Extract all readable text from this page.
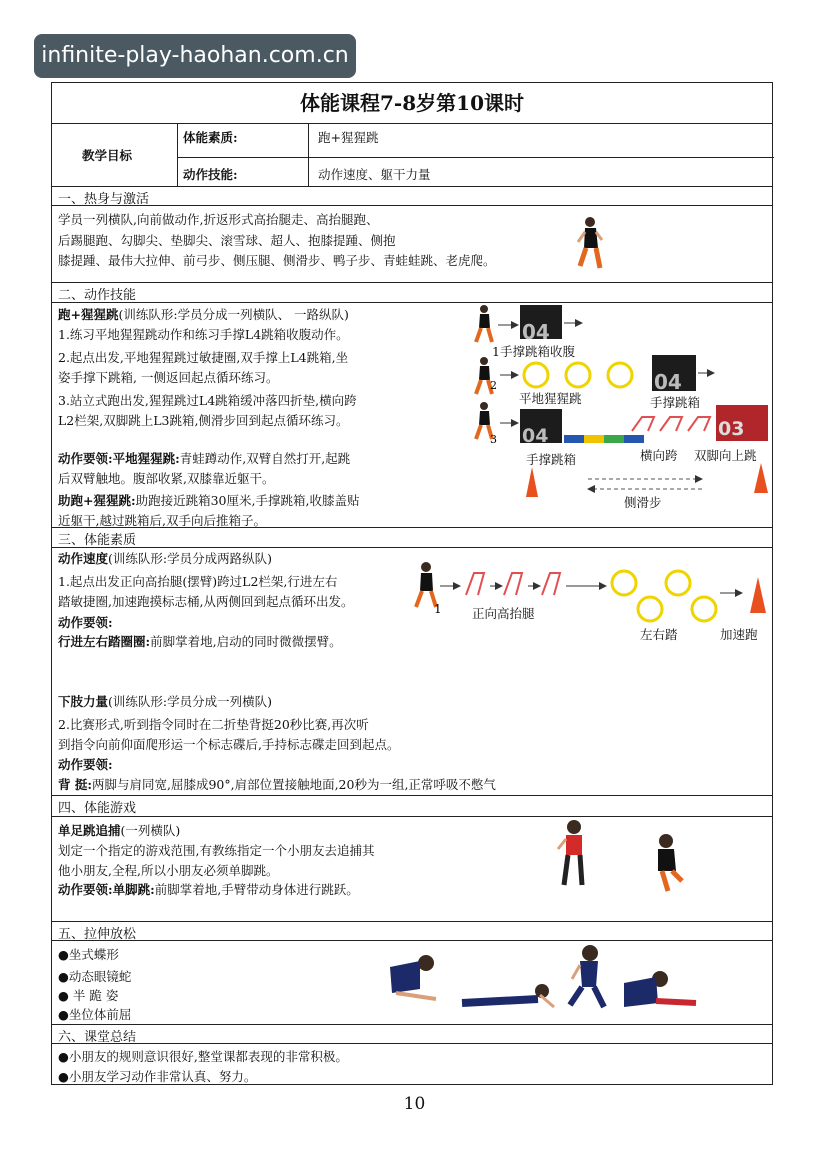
infinite-play-haohan.com.cn
体能课程7-8岁第10课时
教学目标
体能素质:	跑+猩猩跳
动作技能:	动作速度、躯干力量
一、热身与激活
学员一列横队,向前做动作,折返形式高抬腿走、高抬腿跑、
后踢腿跑、勾脚尖、垫脚尖、滚雪球、超人、抱膝提踵、侧抱
膝提踵、最伟大拉伸、前弓步、侧压腿、侧滑步、鸭子步、青蛙蛙跳、老虎爬。
二、动作技能
跑+猩猩跳(训练队形:学员分成一列横队、 一路纵队)
1.练习平地猩猩跳动作和练习手撑L4跳箱收腹动作。
2.起点出发,平地猩猩跳过敏捷圈,双手撑上L4跳箱,坐
姿手撑下跳箱, 一侧返回起点循环练习。
3.站立式跑出发,猩猩跳过L4跳箱缓冲落四折垫,横向跨
L2栏架,双脚跳上L3跳箱,侧滑步回到起点循环练习。
动作要领:平地猩猩跳:青蛙蹲动作,双臂自然打开,起跳
后双臂触地。腹部收紧,双膝靠近躯干。
助跑+猩猩跳:助跑接近跳箱30厘米,手撑跳箱,收膝盖贴
近躯干,越过跳箱后,双手向后推箱子。
1手撑跳箱收腹
平地猩猩跳	手撑跳箱
手撑跳箱	横向跨 双脚向上跳
侧滑步
三、体能素质
动作速度(训练队形:学员分成两路纵队)
1.起点出发正向高抬腿(摆臂)跨过L2栏架,行进左右
踏敏捷圈,加速跑摸标志桶,从两侧回到起点循环出发。
动作要领:
行进左右踏圈圈:前脚掌着地,启动的同时微微摆臂。
正向高抬腿
左右踏	加速跑
下肢力量(训练队形:学员分成一列横队)
2.比赛形式,听到指令同时在二折垫背挺20秒比赛,再次听
到指令向前仰面爬形运一个标志碟后,手持标志碟走回到起点。
动作要领:
背 挺:两脚与肩同宽,屈膝成90°,肩部位置接触地面,20秒为一组,正常呼吸不憋气
四、体能游戏
单足跳追捕(一列横队)
划定一个指定的游戏范围,有教练指定一个小朋友去追捕其
他小朋友,全程,所以小朋友必须单脚跳。
动作要领:单脚跳:前脚掌着地,手臂带动身体进行跳跃。
五、拉伸放松
●坐式蝶形
●动态眼镜蛇
● 半 跪 姿
●坐位体前屈
六、课堂总结
●小朋友的规则意识很好,整堂课都表现的非常积极。
●小朋友学习动作非常认真、努力。
04
2	04
3 04	03
1
10
